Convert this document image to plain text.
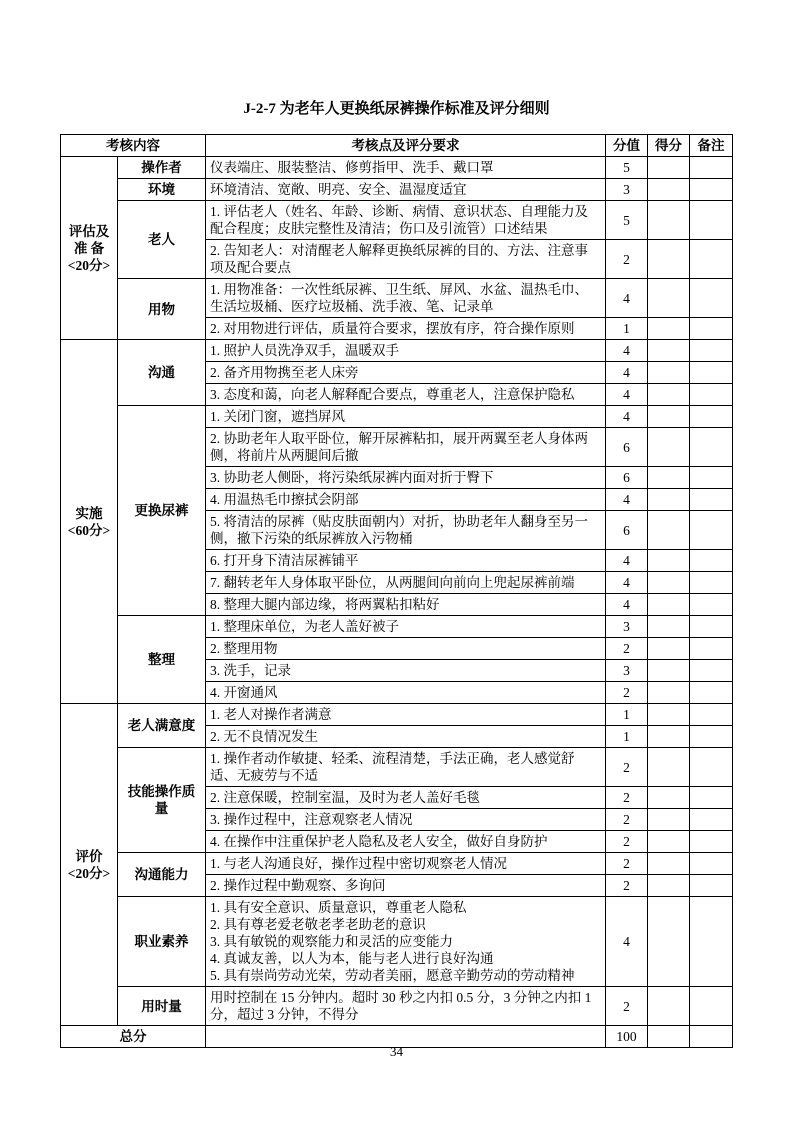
J-2-7 为老年人更换纸尿裤操作标准及评分细则
考核内容		考核点及评分要求	分值	得分	备注

评估及
准 备
<20分>	操作者	仪表端庄、服装整洁、修剪指甲、洗手、戴口罩	5		
	环境	环境清洁、宽敞、明亮、安全、温湿度适宜	3		
	老人	1. 评估老人（姓名、年龄、诊断、病情、意识状态、自理能力及配合程度；皮肤完整性及清洁；伤口及引流管）口述结果	5		

		2. 告知老人：对清醒老人解释更换纸尿裤的目的、方法、注意事项及配合要点	2		
	用物	1. 用物准备：一次性纸尿裤、卫生纸、屏风、水盆、温热毛巾、生活垃圾桶、医疗垃圾桶、洗手液、笔、记录单	4		

		2. 对用物进行评估，质量符合要求，摆放有序，符合操作原则	1		

实施
<60分>	沟通	1. 照护人员洗净双手，温暖双手	4		

		2. 备齐用物携至老人床旁	4		

		3. 态度和蔼，向老人解释配合要点，尊重老人，注意保护隐私	4		
	更换尿裤	1. 关闭门窗，遮挡屏风	4		

		2. 协助老年人取平卧位，解开尿裤粘扣，展开两翼至老人身体两侧，将前片从两腿间后撤	6		

		3. 协助老人侧卧，将污染纸尿裤内面对折于臀下	6		

		4. 用温热毛巾擦拭会阴部	4		

		5. 将清洁的尿裤（贴皮肤面朝内）对折，协助老年人翻身至另一侧，撤下污染的纸尿裤放入污物桶	6		

		6. 打开身下清洁尿裤铺平	4		

		7. 翻转老年人身体取平卧位，从两腿间向前向上兜起尿裤前端	4		

		8. 整理大腿内部边缘，将两翼粘扣粘好	4		
	整理	1. 整理床单位，为老人盖好被子	3		

		2. 整理用物	2		

		3. 洗手，记录	3		

		4. 开窗通风	2		

评价
<20分>	老人满意度	1. 老人对操作者满意	1		

		2. 无不良情况发生	1		
	技能操作质量	1. 操作者动作敏捷、轻柔、流程清楚，手法正确，老人感觉舒适、无疲劳与不适	2		

		2. 注意保暖，控制室温，及时为老人盖好毛毯	2		

		3. 操作过程中，注意观察老人情况	2		

		4. 在操作中注重保护老人隐私及老人安全，做好自身防护	2		
	沟通能力	1. 与老人沟通良好，操作过程中密切观察老人情况	2		

		2. 操作过程中勤观察、多询问	2		
	职业素养	1. 具有安全意识、质量意识，尊重老人隐私
2. 具有尊老爱老敬老孝老助老的意识
3. 具有敏锐的观察能力和灵活的应变能力
4. 真诚友善，以人为本，能与老人进行良好沟通
5. 具有崇尚劳动光荣，劳动者美丽，愿意辛勤劳动的劳动精神	4		
	用时量	用时控制在 15 分钟内。超时 30 秒之内扣 0.5 分，3 分钟之内扣 1 分，超过 3 分钟，不得分	2		
总分			100		
34
